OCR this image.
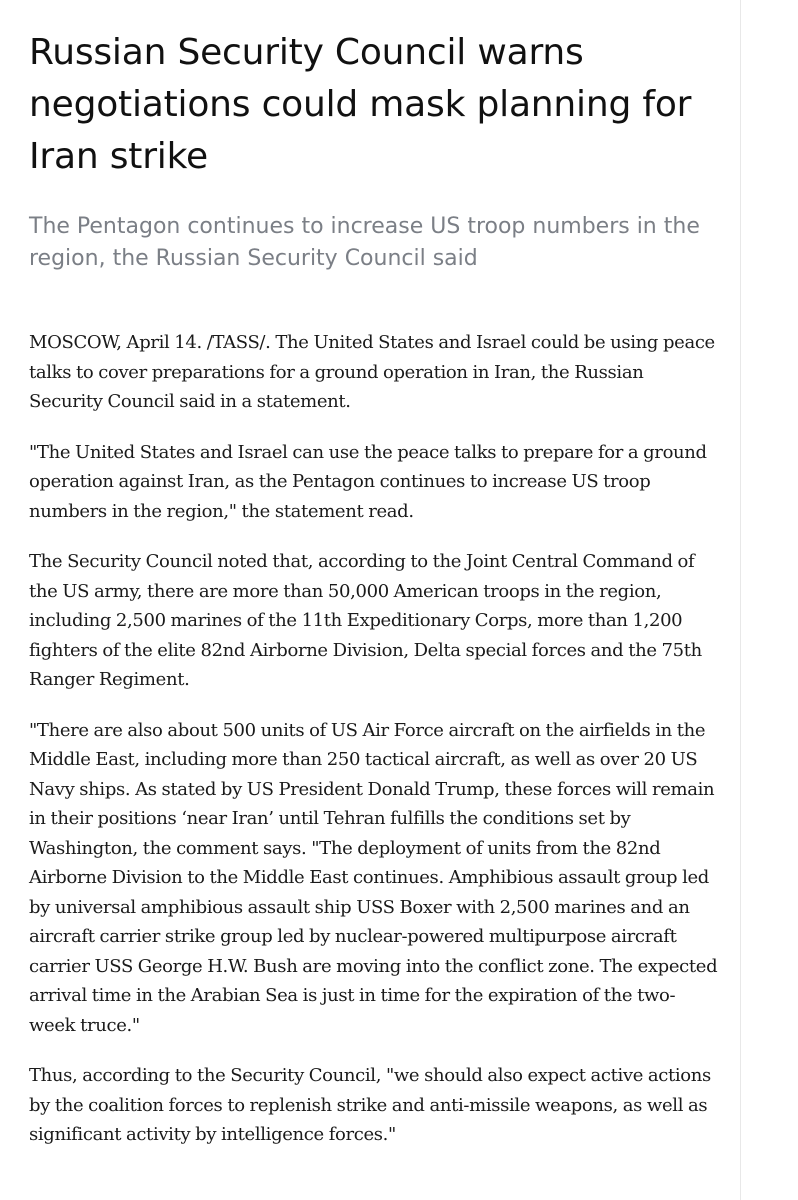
Russian Security Council warns negotiations could mask planning for Iran strike

The Pentagon continues to increase US troop numbers in the region, the Russian Security Council said

MOSCOW, April 14. /TASS/. The United States and Israel could be using peace talks to cover preparations for a ground operation in Iran, the Russian Security Council said in a statement.

"The United States and Israel can use the peace talks to prepare for a ground operation against Iran, as the Pentagon continues to increase US troop numbers in the region," the statement read.

The Security Council noted that, according to the Joint Central Command of the US army, there are more than 50,000 American troops in the region, including 2,500 marines of the 11th Expeditionary Corps, more than 1,200 fighters of the elite 82nd Airborne Division, Delta special forces and the 75th Ranger Regiment.

"There are also about 500 units of US Air Force aircraft on the airfields in the Middle East, including more than 250 tactical aircraft, as well as over 20 US Navy ships. As stated by US President Donald Trump, these forces will remain in their positions ‘near Iran’ until Tehran fulfills the conditions set by Washington, the comment says. "The deployment of units from the 82nd Airborne Division to the Middle East continues. Amphibious assault group led by universal amphibious assault ship USS Boxer with 2,500 marines and an aircraft carrier strike group led by nuclear-powered multipurpose aircraft carrier USS George H.W. Bush are moving into the conflict zone. The expected arrival time in the Arabian Sea is just in time for the expiration of the two-week truce."

Thus, according to the Security Council, "we should also expect active actions by the coalition forces to replenish strike and anti-missile weapons, as well as significant activity by intelligence forces."
